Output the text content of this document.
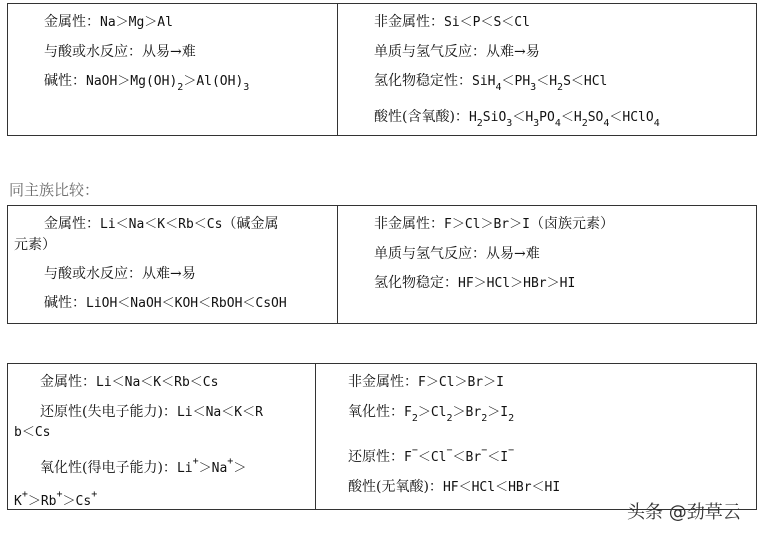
金属性：Na＞Mg＞Al
与酸或水反应：从易→难
碱性：$NaOH>Mg(OH)_2>Al(OH)_3$
非金属性：Si＜P＜S＜Cl
单质与氢气反应：从难→易
氢化物稳定性：$SiH_4<PH_3<H_2S<HCl$
酸性(含氧酸)：$H_2SiO_3<H_3PO_4<H_2SO_4<HClO_4$
同主族比较：
金属性：Li＜Na＜K＜Rb＜Cs（碱金属
元素）
与酸或水反应：从难→易
碱性：LiOH＜NaOH＜KOH＜RbOH＜CsOH
非金属性：F＞Cl＞Br＞I（卤族元素）
单质与氢气反应：从易→难
氢化物稳定：HF＞HCl＞HBr＞HI
金属性：Li＜Na＜K＜Rb＜Cs
还原性(失电子能力)：Li＜Na＜K＜R
b＜Cs
氧化性(得电子能力)：Li+＞Na+＞
K+＞Rb+＞Cs+
非金属性：F＞Cl＞Br＞I
氧化性：$F_2>Cl_2>Br_2>I_2$
还原性：F−＜Cl−＜Br−＜I−
酸性(无氧酸)：HF＜HCl＜HBr＜HI
头条 @劲草云
